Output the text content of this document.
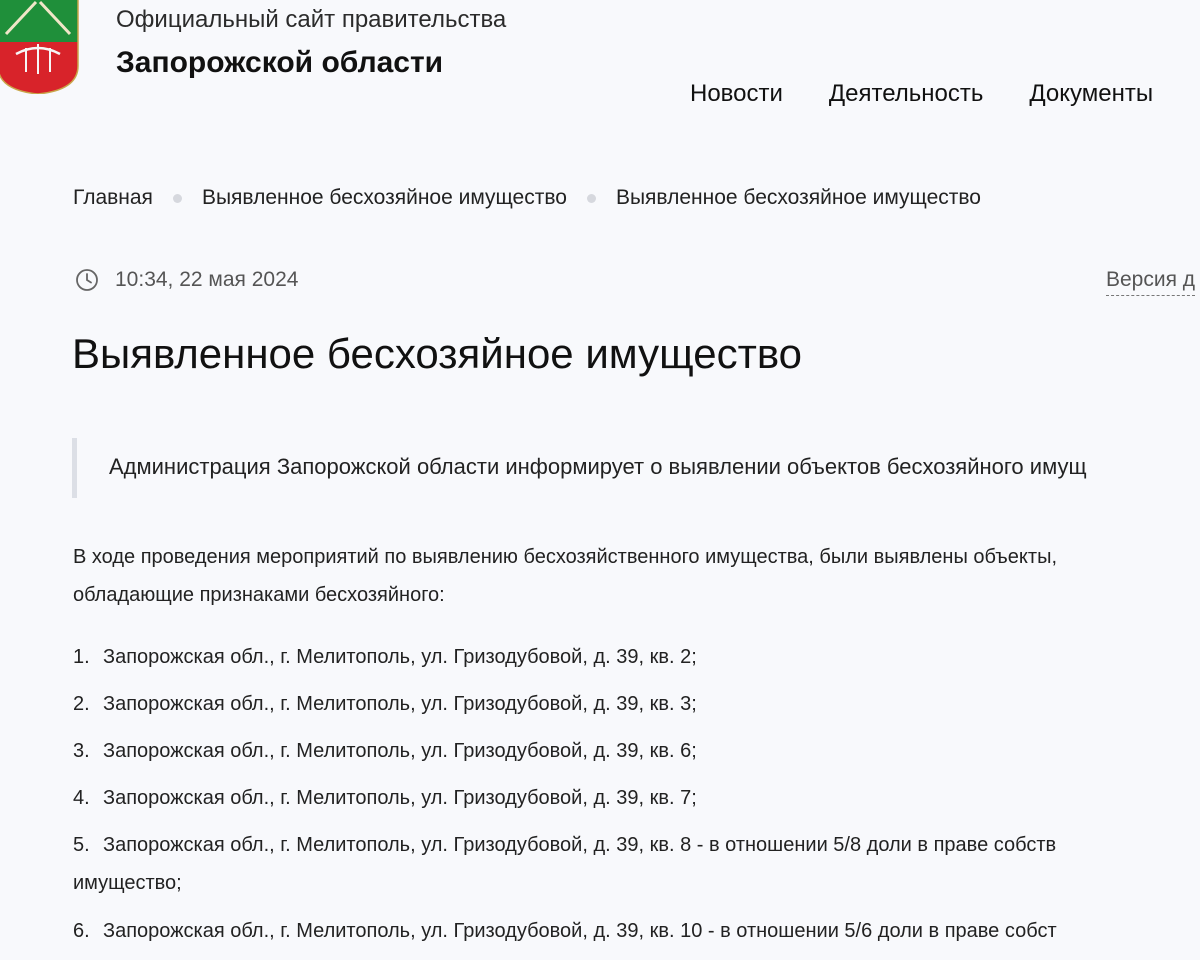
Официальный сайт правительства
Запорожской области
Новости Деятельность Документы
Главная Выявленное бесхозяйное имущество Выявленное бесхозяйное имущество
10:34, 22 мая 2024	Версия д
Выявленное бесхозяйное имущество
Администрация Запорожской области информирует о выявлении объектов бесхозяйного имущ
В ходе проведения мероприятий по выявлению бесхозяйственного имущества, были выявлены объекты,
обладающие признаками бесхозяйного:
1. Запорожская обл., г. Мелитополь, ул. Гризодубовой, д. 39, кв. 2;
2. Запорожская обл., г. Мелитополь, ул. Гризодубовой, д. 39, кв. 3;
3. Запорожская обл., г. Мелитополь, ул. Гризодубовой, д. 39, кв. 6;
4. Запорожская обл., г. Мелитополь, ул. Гризодубовой, д. 39, кв. 7;
5. Запорожская обл., г. Мелитополь, ул. Гризодубовой, д. 39, кв. 8 - в отношении 5/8 доли в праве собств
имущество;
6. Запорожская обл., г. Мелитополь, ул. Гризодубовой, д. 39, кв. 10 - в отношении 5/6 доли в праве собст
